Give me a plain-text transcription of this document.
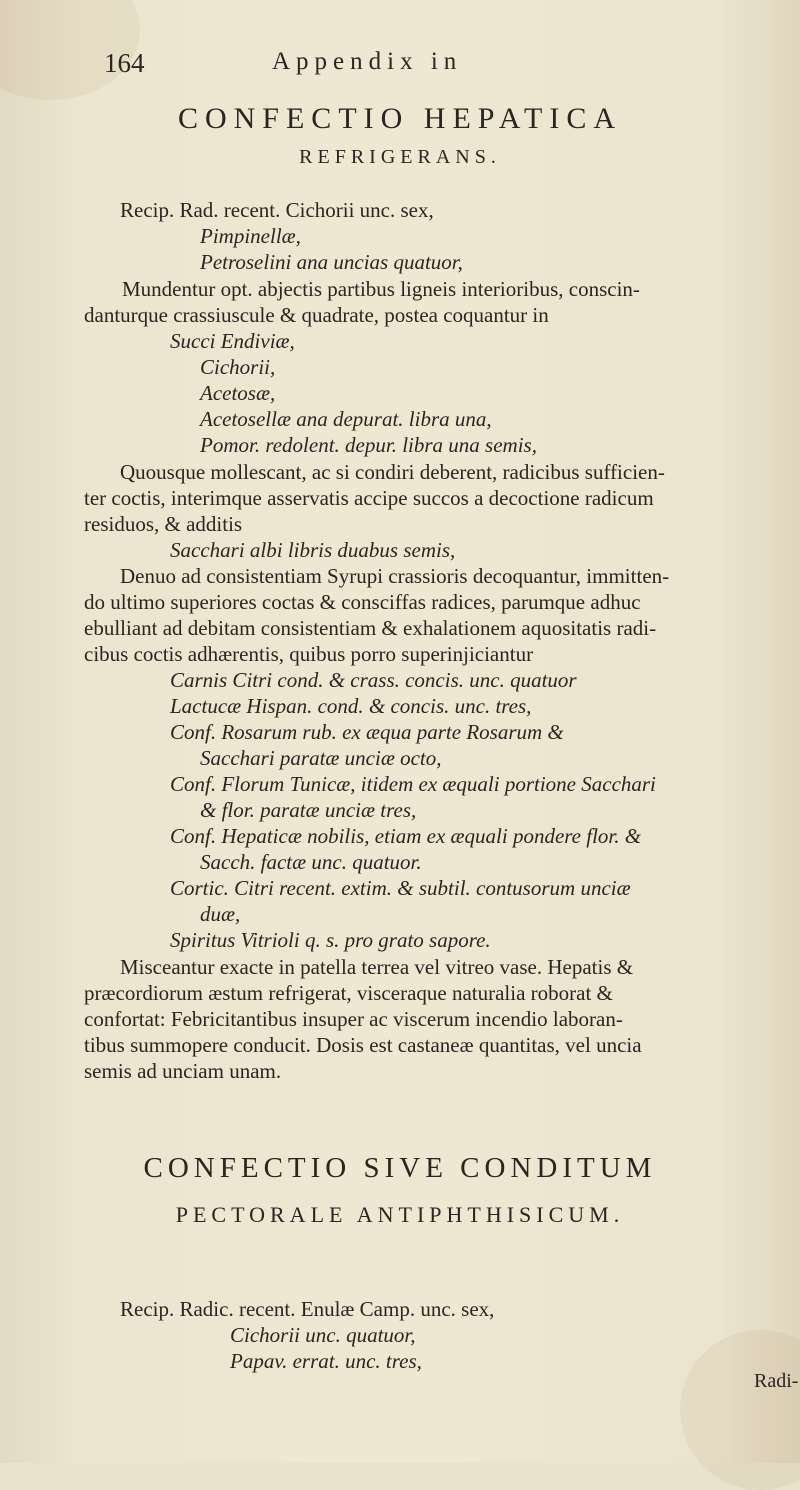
164	Appendix in
CONFECTIO HEPATICA
REFRIGERANS.
Recip. Rad. recent. Cichorii unc. sex,
Pimpinellæ,
Petroselini ana uncias quatuor,
Mundentur opt. abjectis partibus ligneis interioribus, conscin-
danturque crassiuscule & quadrate, postea coquantur in
Succi Endiviæ,
Cichorii,
Acetosæ,
Acetosellæ ana depurat. libra una,
Pomor. redolent. depur. libra una semis,
Quousque mollescant, ac si condiri deberent, radicibus sufficien-
ter coctis, interimque asservatis accipe succos a decoctione radicum
residuos, & additis
Sacchari albi libris duabus semis,
Denuo ad consistentiam Syrupi crassioris decoquantur, immitten-
do ultimo superiores coctas & consciffas radices, parumque adhuc
ebulliant ad debitam consistentiam & exhalationem aquositatis radi-
cibus coctis adhærentis, quibus porro superinjiciantur
Carnis Citri cond. & crass. concis. unc. quatuor
Lactucæ Hispan. cond. & concis. unc. tres,
Conf. Rosarum rub. ex æqua parte Rosarum &
Sacchari paratæ unciæ octo,
Conf. Florum Tunicæ, itidem ex æquali portione Sacchari
& flor. paratæ unciæ tres,
Conf. Hepaticæ nobilis, etiam ex æquali pondere flor. &
Sacch. factæ unc. quatuor.
Cortic. Citri recent. extim. & subtil. contusorum unciæ
duæ,
Spiritus Vitrioli q. s. pro grato sapore.
Misceantur exacte in patella terrea vel vitreo vase. Hepatis &
præcordiorum æstum refrigerat, visceraque naturalia roborat &
confortat: Febricitantibus insuper ac viscerum incendio laboran-
tibus summopere conducit. Dosis est castaneæ quantitas, vel uncia
semis ad unciam unam.
Recip. Radic. recent. Enulæ Camp. unc. sex,
Cichorii unc. quatuor,
Papav. errat. unc. tres,
CONFECTIO SIVE CONDITUM
PECTORALE ANTIPHTHISICUM.
Radi-
